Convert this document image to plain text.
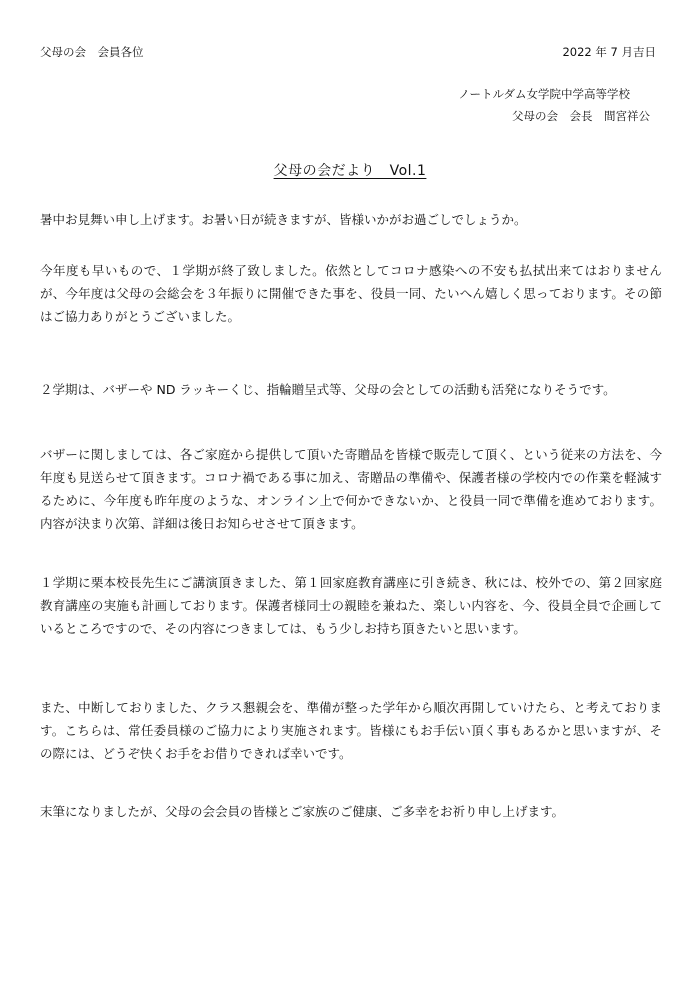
父母の会　会員各位	2022 年 7 月吉日
ノートルダム女学院中学高等学校
父母の会　会長　間宮祥公
父母の会だより　Vol.1

暑中お見舞い申し上げます。お暑い日が続きますが、皆様いかがお過ごしでしょうか。

今年度も早いもので、１学期が終了致しました。依然としてコロナ感染への不安も払拭出来てはおりませんが、今年度は父母の会総会を３年振りに開催できた事を、役員一同、たいへん嬉しく思っております。その節はご協力ありがとうございました。

２学期は、バザーや ND ラッキーくじ、指輪贈呈式等、父母の会としての活動も活発になりそうです。

バザーに関しましては、各ご家庭から提供して頂いた寄贈品を皆様で販売して頂く、という従来の方法を、今年度も見送らせて頂きます。コロナ禍である事に加え、寄贈品の準備や、保護者様の学校内での作業を軽減するために、今年度も昨年度のような、オンライン上で何かできないか、と役員一同で準備を進めております。内容が決まり次第、詳細は後日お知らせさせて頂きます。

１学期に栗本校長先生にご講演頂きました、第１回家庭教育講座に引き続き、秋には、校外での、第２回家庭教育講座の実施も計画しております。保護者様同士の親睦を兼ねた、楽しい内容を、今、役員全員で企画しているところですので、その内容につきましては、もう少しお持ち頂きたいと思います。

また、中断しておりました、クラス懇親会を、準備が整った学年から順次再開していけたら、と考えております。こちらは、常任委員様のご協力により実施されます。皆様にもお手伝い頂く事もあるかと思いますが、その際には、どうぞ快くお手をお借りできれば幸いです。

末筆になりましたが、父母の会会員の皆様とご家族のご健康、ご多幸をお祈り申し上げます。
